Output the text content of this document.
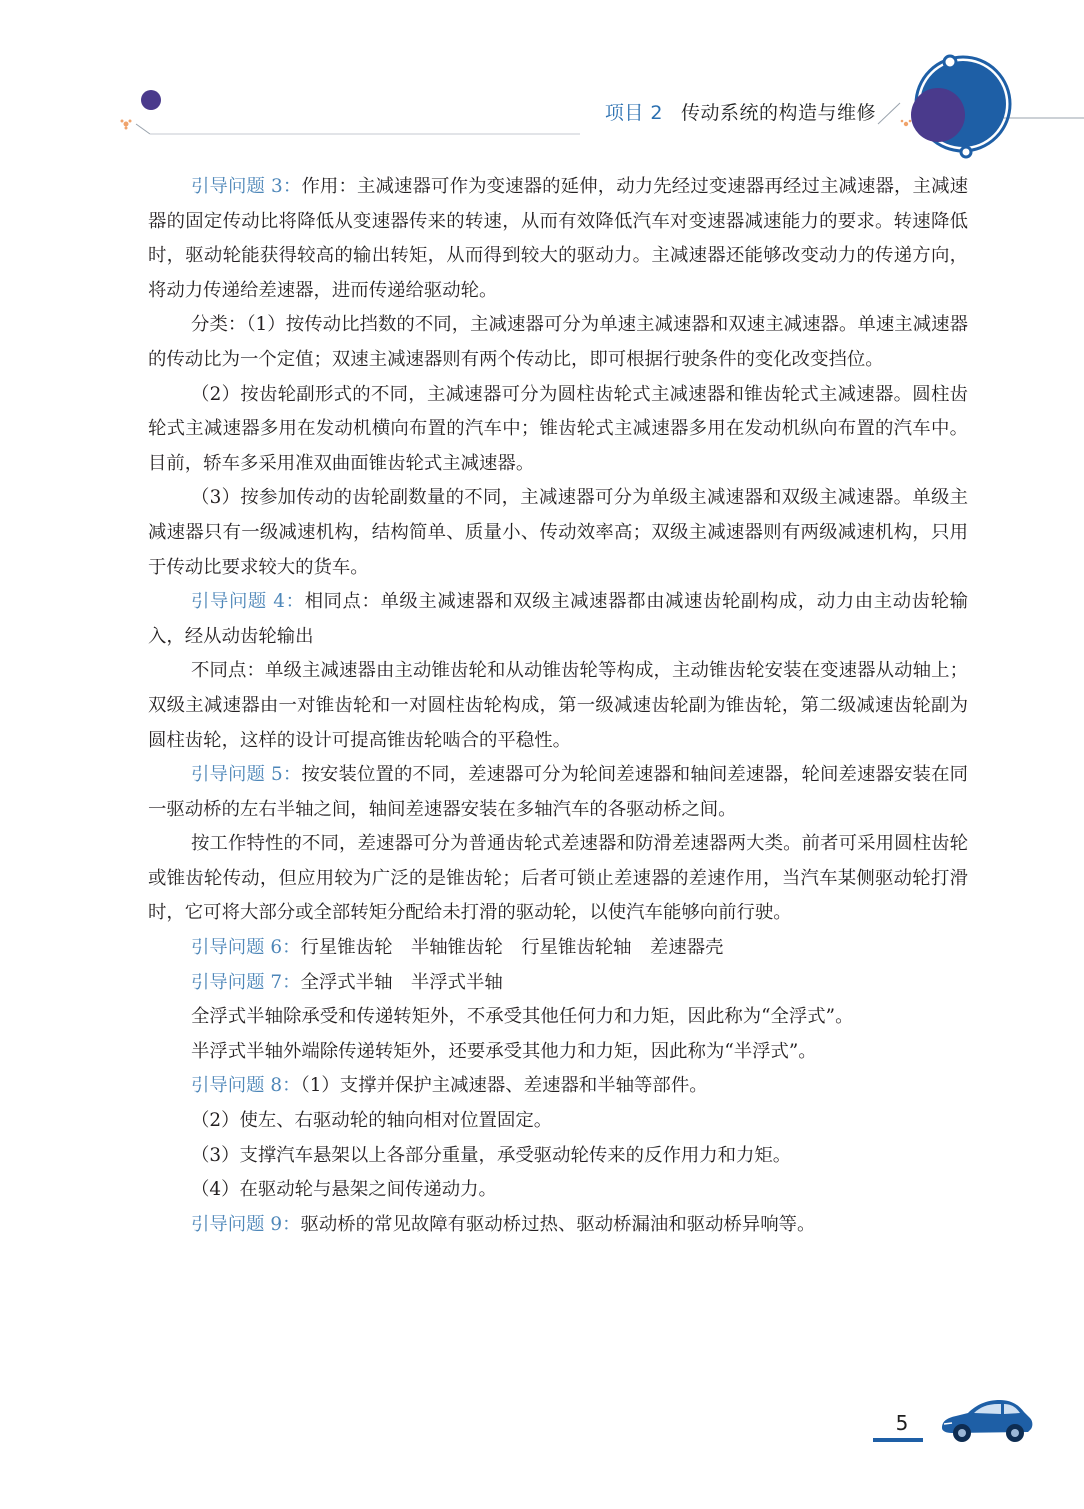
项目 2 传动系统的构造与维修

引导问题 3：作用：主减速器可作为变速器的延伸，动力先经过变速器再经过主减速器，主减速器的固定传动比将降低从变速器传来的转速，从而有效降低汽车对变速器减速能力的要求。转速降低时，驱动轮能获得较高的输出转矩，从而得到较大的驱动力。主减速器还能够改变动力的传递方向，将动力传递给差速器，进而传递给驱动轮。

分类：（1）按传动比挡数的不同，主减速器可分为单速主减速器和双速主减速器。单速主减速器的传动比为一个定值；双速主减速器则有两个传动比，即可根据行驶条件的变化改变挡位。

（2）按齿轮副形式的不同，主减速器可分为圆柱齿轮式主减速器和锥齿轮式主减速器。圆柱齿轮式主减速器多用在发动机横向布置的汽车中；锥齿轮式主减速器多用在发动机纵向布置的汽车中。目前，轿车多采用准双曲面锥齿轮式主减速器。

（3）按参加传动的齿轮副数量的不同，主减速器可分为单级主减速器和双级主减速器。单级主减速器只有一级减速机构，结构简单、质量小、传动效率高；双级主减速器则有两级减速机构，只用于传动比要求较大的货车。

引导问题 4：相同点：单级主减速器和双级主减速器都由减速齿轮副构成，动力由主动齿轮输入，经从动齿轮输出

不同点：单级主减速器由主动锥齿轮和从动锥齿轮等构成，主动锥齿轮安装在变速器从动轴上；双级主减速器由一对锥齿轮和一对圆柱齿轮构成，第一级减速齿轮副为锥齿轮，第二级减速齿轮副为圆柱齿轮，这样的设计可提高锥齿轮啮合的平稳性。

引导问题 5：按安装位置的不同，差速器可分为轮间差速器和轴间差速器，轮间差速器安装在同一驱动桥的左右半轴之间，轴间差速器安装在多轴汽车的各驱动桥之间。

按工作特性的不同，差速器可分为普通齿轮式差速器和防滑差速器两大类。前者可采用圆柱齿轮或锥齿轮传动，但应用较为广泛的是锥齿轮；后者可锁止差速器的差速作用，当汽车某侧驱动轮打滑时，它可将大部分或全部转矩分配给未打滑的驱动轮，以使汽车能够向前行驶。

引导问题 6：行星锥齿轮　半轴锥齿轮　行星锥齿轮轴　差速器壳

引导问题 7：全浮式半轴　半浮式半轴

全浮式半轴除承受和传递转矩外，不承受其他任何力和力矩，因此称为“全浮式”。

半浮式半轴外端除传递转矩外，还要承受其他力和力矩，因此称为“半浮式”。

引导问题 8：（1）支撑并保护主减速器、差速器和半轴等部件。

（2）使左、右驱动轮的轴向相对位置固定。

（3）支撑汽车悬架以上各部分重量，承受驱动轮传来的反作用力和力矩。

（4）在驱动轮与悬架之间传递动力。

引导问题 9：驱动桥的常见故障有驱动桥过热、驱动桥漏油和驱动桥异响等。

5
